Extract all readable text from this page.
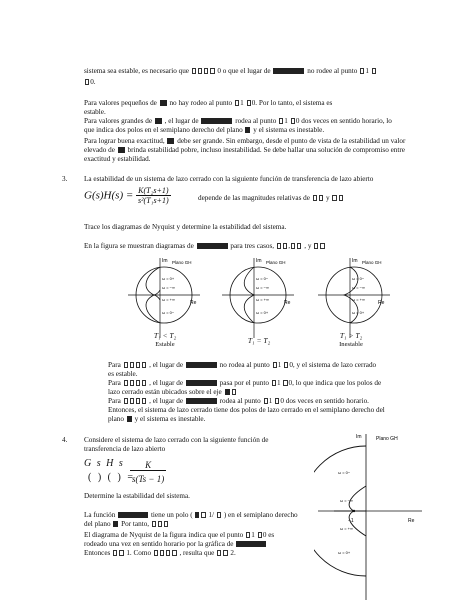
sistema sea estable, es necesario que	0 o que el lugar de	no rodee al punto 1
0.
Para valores pequeños de no hay rodeo al punto 1 0. Por lo tanto, el sistema es
estable.
Para valores grandes de , el lugar de	rodea al punto 1 0 dos veces en sentido horario, lo
que indica dos polos en el semiplano derecho del plano y el sistema es inestable.
Para lograr buena exactitud, debe ser grande. Sin embargo, desde el punto de vista de la estabilidad un valor
elevado de brinda estabilidad pobre, incluso inestabilidad. Se debe hallar una solución de compromiso entre
exactitud y estabilidad.
3. La estabilidad de un sistema de lazo cerrado con la siguiente función de transferencia de lazo abierto
$G(s)H(s) = \frac{\text{K(T₂s+1)}}{\text{s²(T₁s+1)}}$	depende de las magnitudes relativas de y
Trace los diagramas de Nyquist y determine la estabilidad del sistema.
En la figura se muestran diagramas de	para tres casos, , , y
Im Plano GH
Re
ω = 0+
ω = −∞
ω = +∞
ω = 0−
Im Plano GH
Re
ω = 0−
ω = −∞
ω = +∞
ω = 0+
Im Plano GH
Re
ω = 0−
ω = −∞
ω = +∞
ω = 0+
T₁ < T₂
Estable	T₁ = T₂
T₁ > T₂
Inestable
Para	, el lugar de	no rodea al punto 1 0, y el sistema de lazo cerrado
es estable.
Para	, el lugar de	pasa por el punto 1 0, lo que indica que los polos de
lazo cerrado están ubicados sobre el eje
Para	, el lugar de	rodea al punto 1 0 dos veces en sentido horario.
Entonces, el sistema de lazo cerrado tiene dos polos de lazo cerrado en el semiplano derecho del
plano y el sistema es inestable.
4. Considere el sistema de lazo cerrado con la siguiente función de
transferencia de lazo abierto
G s H s
( ) ( ) =
$\frac{K}{s(Ts - 1)}$
Determine la estabilidad del sistema.
La función	tiene un polo ( 1/ ) en el semiplano derecho
del plano Por tanto,
El diagrama de Nyquist de la figura indica que el punto 1 0 es
rodeado una vez en sentido horario por la gráfica de
Entonces 1. Como	, resulta que 2.
Im	Plano GH
Re
−1
ω = 0−
ω = −∞
ω = +∞
ω = 0+
